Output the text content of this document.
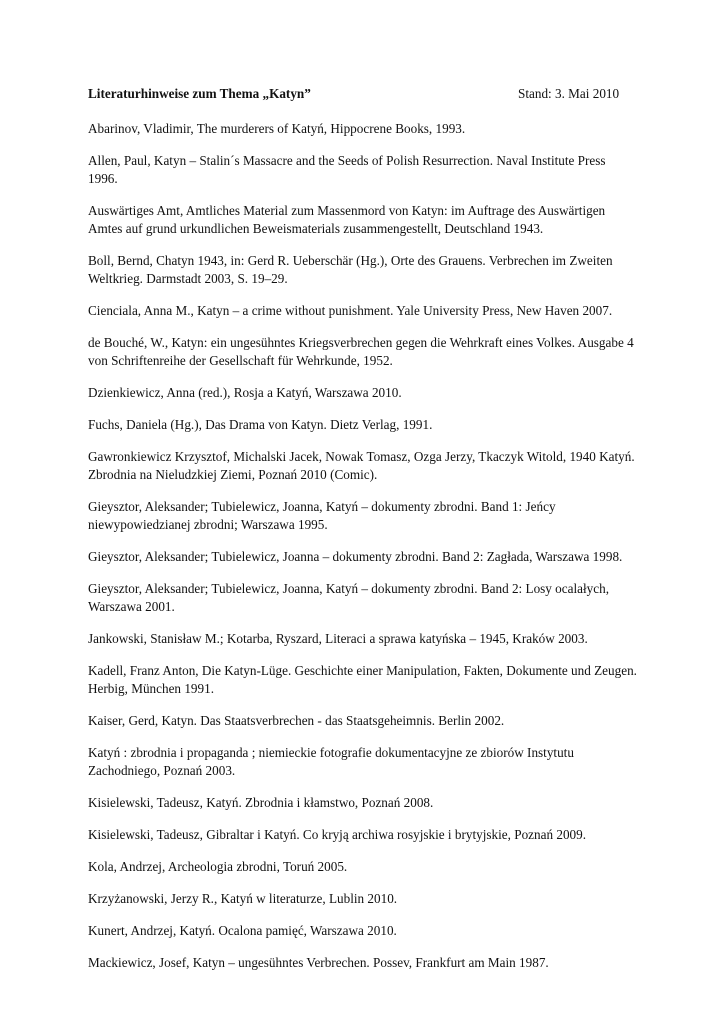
Literaturhinweise zum Thema „Katyn”	Stand: 3. Mai 2010
Abarinov, Vladimir, The murderers of Katyń, Hippocrene Books, 1993.
Allen, Paul, Katyn – Stalin´s Massacre and the Seeds of Polish Resurrection. Naval Institute Press 1996.
Auswärtiges Amt, Amtliches Material zum Massenmord von Katyn: im Auftrage des Auswärtigen Amtes auf grund urkundlichen Beweismaterials zusammengestellt, Deutschland 1943.
Boll, Bernd, Chatyn 1943, in: Gerd R. Ueberschär (Hg.), Orte des Grauens. Verbrechen im Zweiten Weltkrieg. Darmstadt 2003, S. 19–29.
Cienciala, Anna M., Katyn – a crime without punishment. Yale University Press, New Haven 2007.
de Bouché, W., Katyn: ein ungesühntes Kriegsverbrechen gegen die Wehrkraft eines Volkes. Ausgabe 4 von Schriftenreihe der Gesellschaft für Wehrkunde, 1952.
Dzienkiewicz, Anna (red.), Rosja a Katyń, Warszawa 2010.
Fuchs, Daniela (Hg.), Das Drama von Katyn. Dietz Verlag, 1991.
Gawronkiewicz Krzysztof, Michalski Jacek, Nowak Tomasz, Ozga Jerzy, Tkaczyk Witold, 1940 Katyń. Zbrodnia na Nieludzkiej Ziemi, Poznań 2010 (Comic).
Gieysztor, Aleksander; Tubielewicz, Joanna, Katyń – dokumenty zbrodni. Band 1: Jeńcy niewypowiedzianej zbrodni; Warszawa 1995.
Gieysztor, Aleksander; Tubielewicz, Joanna – dokumenty zbrodni. Band 2: Zagłada, Warszawa 1998.
Gieysztor, Aleksander; Tubielewicz, Joanna, Katyń – dokumenty zbrodni. Band 2: Losy ocalałych, Warszawa 2001.
Jankowski, Stanisław M.; Kotarba, Ryszard, Literaci a sprawa katyńska – 1945, Kraków 2003.
Kadell, Franz Anton, Die Katyn-Lüge. Geschichte einer Manipulation, Fakten, Dokumente und Zeugen. Herbig, München 1991.
Kaiser, Gerd, Katyn. Das Staatsverbrechen - das Staatsgeheimnis. Berlin 2002.
Katyń : zbrodnia i propaganda ; niemieckie fotografie dokumentacyjne ze zbiorów Instytutu Zachodniego, Poznań 2003.
Kisielewski, Tadeusz, Katyń. Zbrodnia i kłamstwo, Poznań 2008.
Kisielewski, Tadeusz, Gibraltar i Katyń. Co kryją archiwa rosyjskie i brytyjskie, Poznań 2009.
Kola, Andrzej, Archeologia zbrodni, Toruń 2005.
Krzyżanowski, Jerzy R., Katyń w literaturze, Lublin 2010.
Kunert, Andrzej, Katyń. Ocalona pamięć, Warszawa 2010.
Mackiewicz, Josef, Katyn – ungesühntes Verbrechen. Possev, Frankfurt am Main 1987.
